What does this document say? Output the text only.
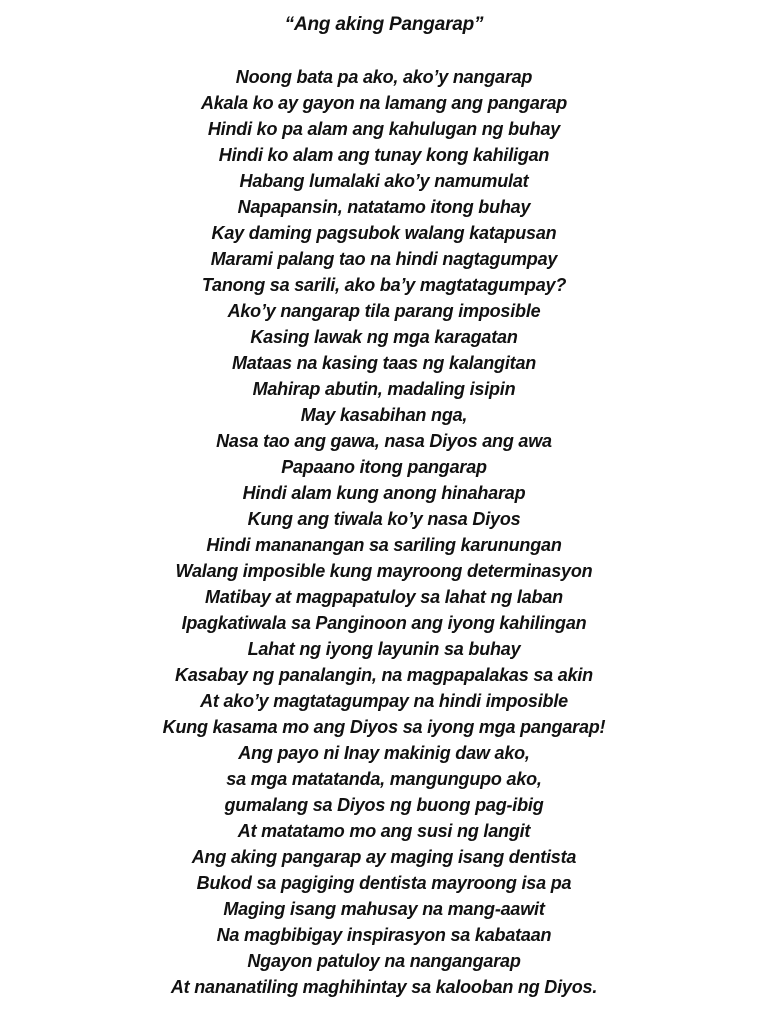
“Ang aking Pangarap”
Noong bata pa ako, ako’y nangarap
Akala ko ay gayon na lamang ang pangarap
Hindi ko pa alam ang kahulugan ng buhay
Hindi ko alam ang tunay kong kahiligan
Habang lumalaki ako’y namumulat
Napapansin, natatamo itong buhay
Kay daming pagsubok walang katapusan
Marami palang tao na hindi nagtagumpay
Tanong sa sarili, ako ba’y magtatagumpay?
Ako’y nangarap tila parang imposible
Kasing lawak ng mga karagatan
Mataas na kasing taas ng kalangitan
Mahirap abutin, madaling isipin
May kasabihan nga,
Nasa tao ang gawa, nasa Diyos ang awa
Papaano itong pangarap
Hindi alam kung anong hinaharap
Kung ang tiwala ko’y nasa Diyos
Hindi mananangan sa sariling karunungan
Walang imposible kung mayroong determinasyon
Matibay at magpapatuloy sa lahat ng laban
Ipagkatiwala sa Panginoon ang iyong kahilingan
Lahat ng iyong layunin sa buhay
Kasabay ng panalangin, na magpapalakas sa akin
At ako’y magtatagumpay na hindi imposible
Kung kasama mo ang Diyos sa iyong mga pangarap!
Ang payo ni Inay makinig daw ako,
sa mga matatanda, mangungupo ako,
gumalang sa Diyos ng buong pag-ibig
At matatamo mo ang susi ng langit
Ang aking pangarap ay maging isang dentista
Bukod sa pagiging dentista mayroong isa pa
Maging isang mahusay na mang-aawit
Na magbibigay inspirasyon sa kabataan
Ngayon patuloy na nangangarap
At nananatiling maghihintay sa kalooban ng Diyos.
